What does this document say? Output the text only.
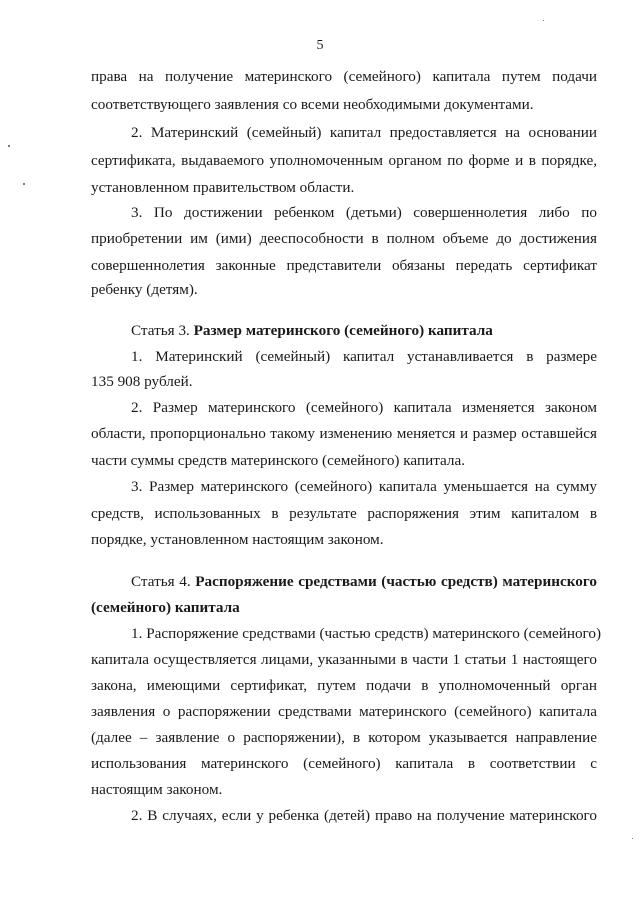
5
права на получение материнского (семейного) капитала путем подачи
соответствующего заявления со всеми необходимыми документами.
2. Материнский (семейный) капитал предоставляется на основании
сертификата, выдаваемого уполномоченным органом по форме и в порядке,
установленном правительством области.
3. По достижении ребенком (детьми) совершеннолетия либо по
приобретении им (ими) дееспособности в полном объеме до достижения
совершеннолетия законные представители обязаны передать сертификат
ребенку (детям).
Статья 3. Размер материнского (семейного) капитала
1. Материнский (семейный) капитал устанавливается в размере
135 908 рублей.
2. Размер материнского (семейного) капитала изменяется законом
области, пропорционально такому изменению меняется и размер оставшейся
части суммы средств материнского (семейного) капитала.
3. Размер материнского (семейного) капитала уменьшается на сумму
средств, использованных в результате распоряжения этим капиталом в
порядке, установленном настоящим законом.
Статья 4. Распоряжение средствами (частью средств) материнского
(семейного) капитала
1. Распоряжение средствами (частью средств) материнского (семейного)
капитала осуществляется лицами, указанными в части 1 статьи 1 настоящего
закона, имеющими сертификат, путем подачи в уполномоченный орган
заявления о распоряжении средствами материнского (семейного) капитала
(далее – заявление о распоряжении), в котором указывается направление
использования материнского (семейного) капитала в соответствии с
настоящим законом.
2. В случаях, если у ребенка (детей) право на получение материнского
